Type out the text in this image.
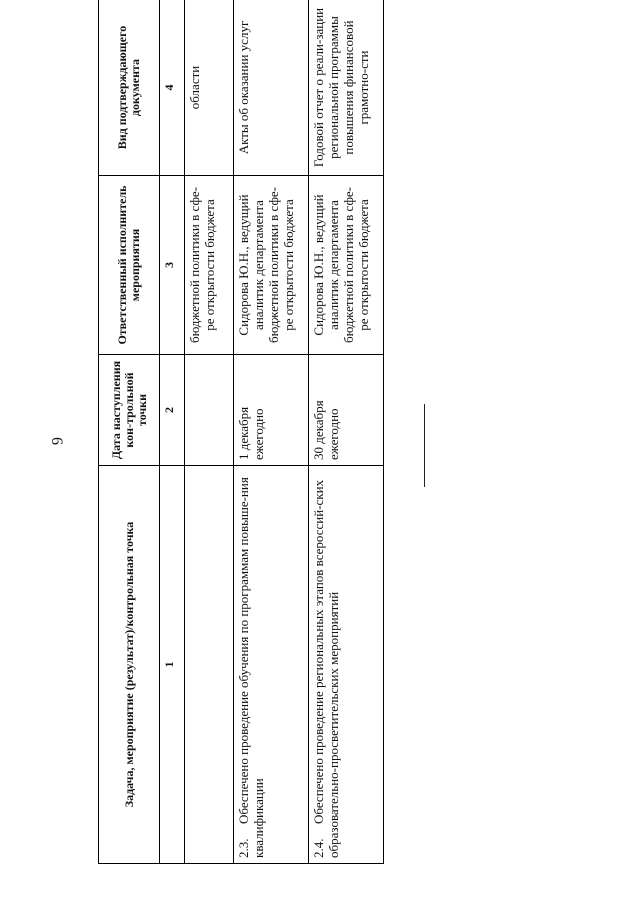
6
Задача, мероприятие (результат)/контрольная точка	Дата наступления кон-трольной точки	Ответственный исполнитель мероприятия	Вид подтверждающего документа
1	2	3	4
		бюджетной политики в сфе-ре открытости бюджета	области
2.3.Обеспечено проведение обучения по программам повыше-ния квалификации	1 декабря ежегодно	Сидорова Ю.Н., ведущий аналитик департамента бюджетной политики в сфе-ре открытости бюджета	Акты об оказании услуг
2.4.Обеспечено проведение региональных этапов всероссий-ских образовательно-просветительских мероприятий	30 декабря ежегодно	Сидорова Ю.Н., ведущий аналитик департамента бюджетной политики в сфе-ре открытости бюджета	Годовой отчет о реали-зации региональной программы повышения финансовой грамотно-сти
